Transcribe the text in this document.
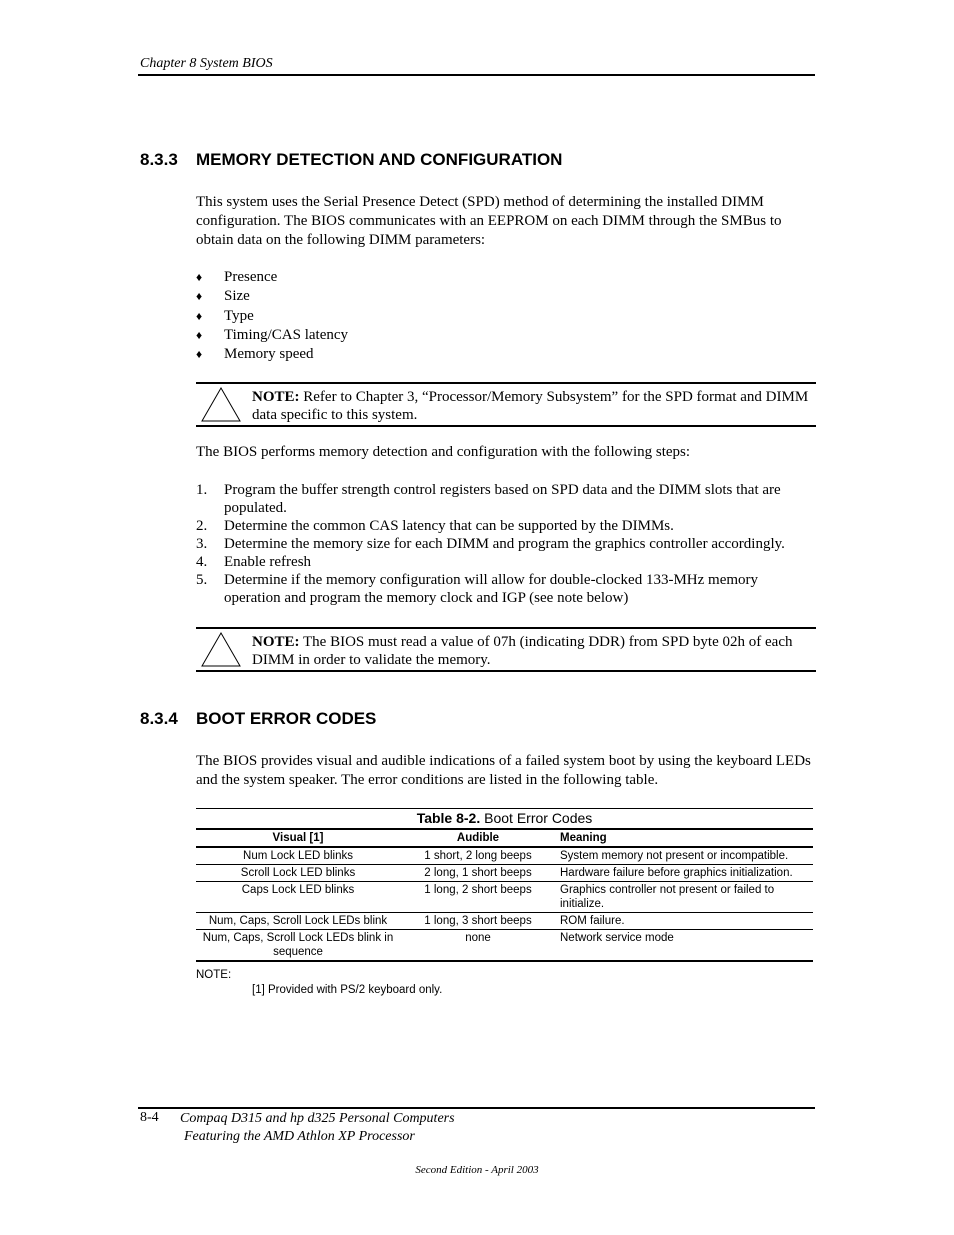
Chapter 8 System BIOS
8.3.3 MEMORY DETECTION AND CONFIGURATION
This system uses the Serial Presence Detect (SPD) method of determining the installed DIMM configuration. The BIOS communicates with an EEPROM on each DIMM through the SMBus to obtain data on the following DIMM parameters:
♦ Presence
♦ Size
♦ Type
♦ Timing/CAS latency
♦ Memory speed
NOTE: Refer to Chapter 3, “Processor/Memory Subsystem” for the SPD format and DIMM data specific to this system.
The BIOS performs memory detection and configuration with the following steps:
1.	Program the buffer strength control registers based on SPD data and the DIMM slots that are populated.
2.	Determine the common CAS latency that can be supported by the DIMMs.
3.	Determine the memory size for each DIMM and program the graphics controller accordingly.
4.	Enable refresh
5.	Determine if the memory configuration will allow for double-clocked 133-MHz memory operation and program the memory clock and IGP (see note below)
NOTE: The BIOS must read a value of 07h (indicating DDR) from SPD byte 02h of each DIMM in order to validate the memory.
8.3.4 BOOT ERROR CODES
The BIOS provides visual and audible indications of a failed system boot by using the keyboard LEDs and the system speaker. The error conditions are listed in the following table.
Table 8-2. Boot Error Codes
Visual [1]	Audible	Meaning
Num Lock LED blinks	1 short, 2 long beeps	System memory not present or incompatible.
Scroll Lock LED blinks	2 long, 1 short beeps	Hardware failure before graphics initialization.
Caps Lock LED blinks	1 long, 2 short beeps	Graphics controller not present or failed to initialize.
Num, Caps, Scroll Lock LEDs blink	1 long, 3 short beeps	ROM failure.
Num, Caps, Scroll Lock LEDs blink in sequence	none	Network service mode
NOTE:
[1] Provided with PS/2 keyboard only.
8-4 Compaq D315 and hp d325 Personal Computers
Featuring the AMD Athlon XP Processor
Second Edition - April 2003
